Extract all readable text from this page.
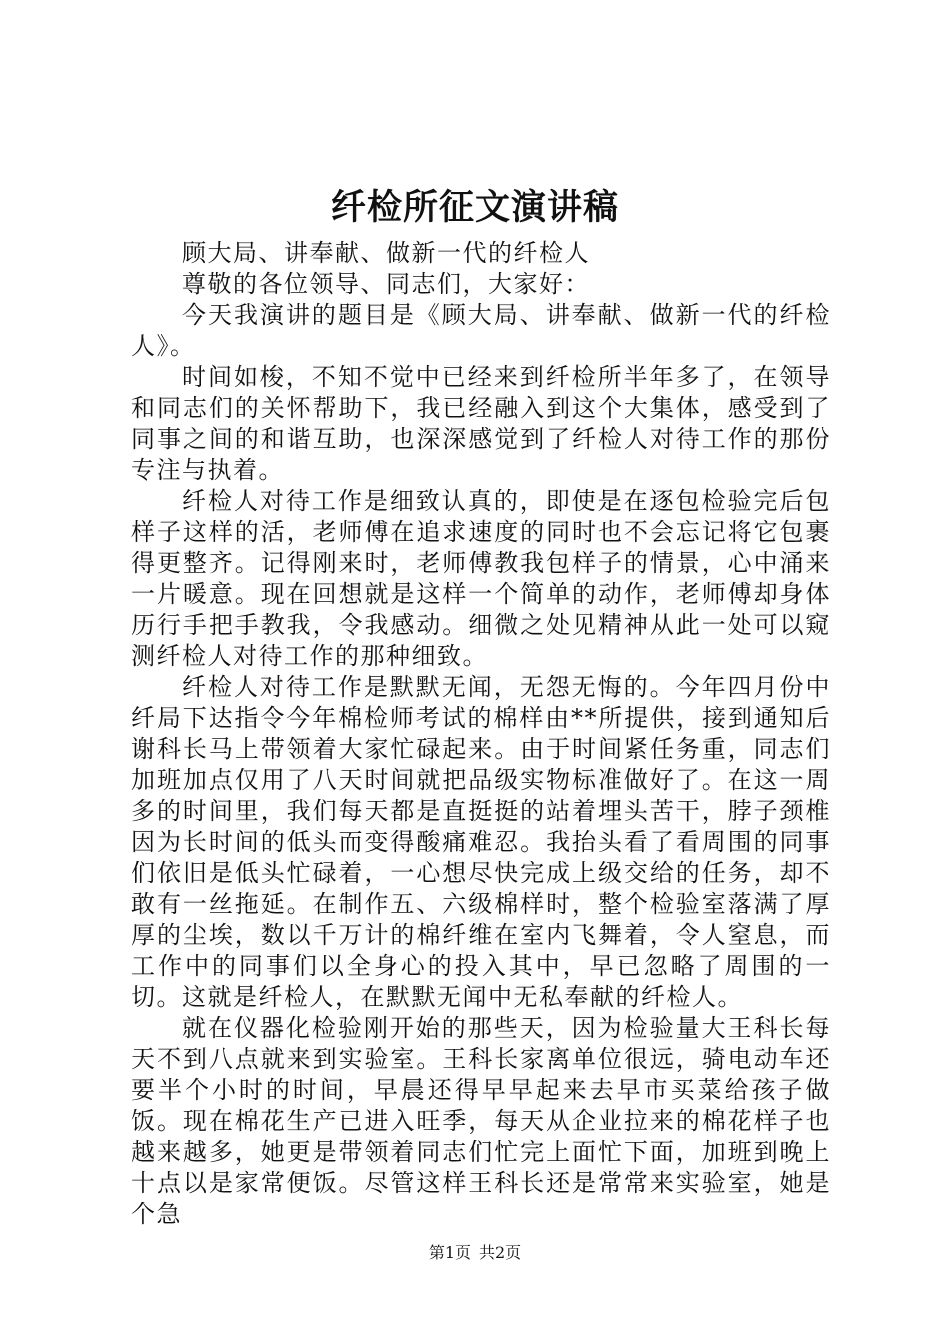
纤检所征文演讲稿

顾大局、讲奉献、做新一代的纤检人

尊敬的各位领导、同志们，大家好：

今天我演讲的题目是《顾大局、讲奉献、做新一代的纤检人》。

时间如梭，不知不觉中已经来到纤检所半年多了，在领导和同志们的关怀帮助下，我已经融入到这个大集体，感受到了同事之间的和谐互助，也深深感觉到了纤检人对待工作的那份专注与执着。

纤检人对待工作是细致认真的，即使是在逐包检验完后包样子这样的活，老师傅在追求速度的同时也不会忘记将它包裹得更整齐。记得刚来时，老师傅教我包样子的情景，心中涌来一片暖意。现在回想就是这样一个简单的动作，老师傅却身体历行手把手教我，令我感动。细微之处见精神从此一处可以窥测纤检人对待工作的那种细致。

纤检人对待工作是默默无闻，无怨无悔的。今年四月份中纤局下达指令今年棉检师考试的棉样由**所提供，接到通知后谢科长马上带领着大家忙碌起来。由于时间紧任务重，同志们加班加点仅用了八天时间就把品级实物标准做好了。在这一周多的时间里，我们每天都是直挺挺的站着埋头苦干，脖子颈椎因为长时间的低头而变得酸痛难忍。我抬头看了看周围的同事们依旧是低头忙碌着，一心想尽快完成上级交给的任务，却不敢有一丝拖延。在制作五、六级棉样时，整个检验室落满了厚厚的尘埃，数以千万计的棉纤维在室内飞舞着，令人窒息，而工作中的同事们以全身心的投入其中，早已忽略了周围的一切。这就是纤检人，在默默无闻中无私奉献的纤检人。

就在仪器化检验刚开始的那些天，因为检验量大王科长每天不到八点就来到实验室。王科长家离单位很远，骑电动车还要半个小时的时间，早晨还得早早起来去早市买菜给孩子做饭。现在棉花生产已进入旺季，每天从企业拉来的棉花样子也越来越多，她更是带领着同志们忙完上面忙下面，加班到晚上十点以是家常便饭。尽管这样王科长还是常常来实验室，她是个急

第1页 共2页
